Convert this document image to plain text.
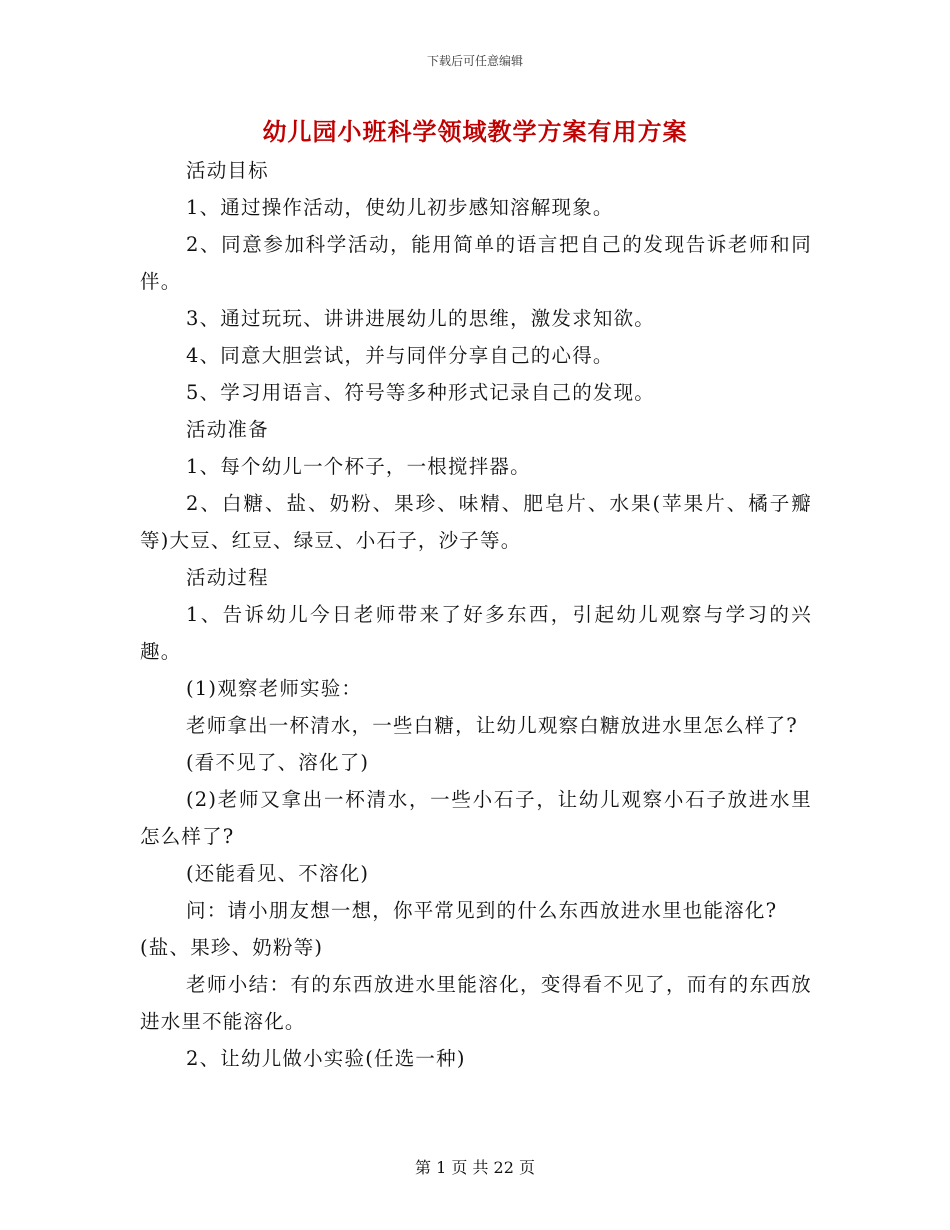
下载后可任意编辑
幼儿园小班科学领域教学方案有用方案

活动目标

1、通过操作活动，使幼儿初步感知溶解现象。

2、同意参加科学活动，能用简单的语言把自己的发现告诉老师和同伴。

3、通过玩玩、讲讲进展幼儿的思维，激发求知欲。

4、同意大胆尝试，并与同伴分享自己的心得。

5、学习用语言、符号等多种形式记录自己的发现。

活动准备

1、每个幼儿一个杯子，一根搅拌器。

2、白糖、盐、奶粉、果珍、味精、肥皂片、水果(苹果片、橘子瓣等)大豆、红豆、绿豆、小石子，沙子等。

活动过程

1、告诉幼儿今日老师带来了好多东西，引起幼儿观察与学习的兴趣。

(1)观察老师实验：

老师拿出一杯清水，一些白糖，让幼儿观察白糖放进水里怎么样了?

(看不见了、溶化了)

(2)老师又拿出一杯清水，一些小石子，让幼儿观察小石子放进水里怎么样了?

(还能看见、不溶化)

问：请小朋友想一想，你平常见到的什么东西放进水里也能溶化?

(盐、果珍、奶粉等)

老师小结：有的东西放进水里能溶化，变得看不见了，而有的东西放进水里不能溶化。

2、让幼儿做小实验(任选一种)

第 1 页 共 22 页
